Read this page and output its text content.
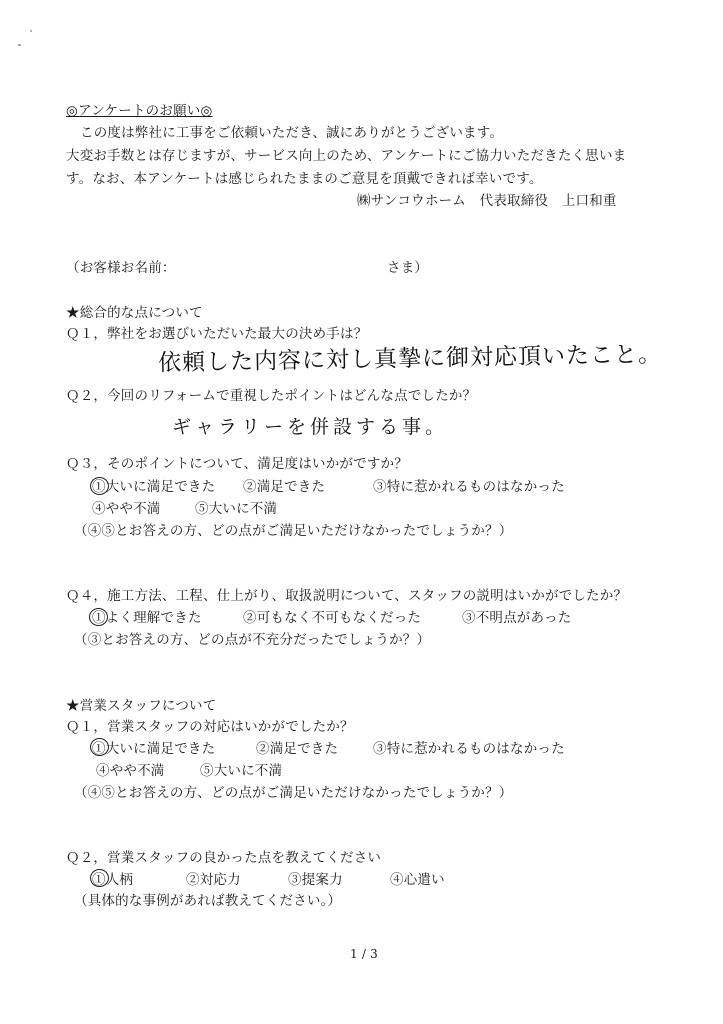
◎アンケートのお願い◎
この度は弊社に工事をご依頼いただき、誠にありがとうございます。
大変お手数とは存じますが、サービス向上のため、アンケートにご協力いただきたく思いま
す。なお、本アンケートは感じられたままのご意見を頂戴できれば幸いです。
㈱サンコウホーム　代表取締役　上口和重
（お客様お名前：	さま）
★総合的な点について
Ｑ１，弊社をお選びいただいた最大の決め手は？
依頼した内容に対し真摯に御対応頂いたこと。
Ｑ２，今回のリフォームで重視したポイントはどんな点でしたか？
ギャラリーを併設する事。
Ｑ３，そのポイントについて、満足度はいかがですか？
①大いに満足できた ②満足できた	③特に惹かれるものはなかった
④やや不満	⑤大いに不満
（④⑤とお答えの方、どの点がご満足いただけなかったでしょうか？）
Ｑ４，施工方法、工程、仕上がり、取扱説明について、スタッフの説明はいかがでしたか？
①よく理解できた	②可もなく不可もなくだった	③不明点があった
（③とお答えの方、どの点が不充分だったでしょうか？）
★営業スタッフについて
Ｑ１，営業スタッフの対応はいかがでしたか？
①大いに満足できた	②満足できた	③特に惹かれるものはなかった
④やや不満	⑤大いに不満
（④⑤とお答えの方、どの点がご満足いただけなかったでしょうか？）
Ｑ２，営業スタッフの良かった点を教えてください
①人柄	②対応力	③提案力	④心遣い
（具体的な事例があれば教えてください。）
1 / 3
